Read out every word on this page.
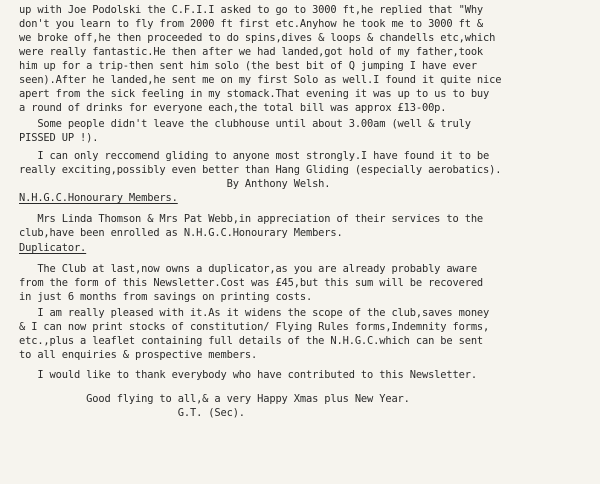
up with Joe Podolski the C.F.I.I asked to go to 3000 ft,he replied that "Why
don't you learn to fly from 2000 ft first etc.Anyhow he took me to 3000 ft &
we broke off,he then proceeded to do spins,dives & loops & chandells etc,which
were really fantastic.He then after we had landed,got hold of my father,took
him up for a trip-then sent him solo (the best bit of Q jumping I have ever
seen).After he landed,he sent me on my first Solo as well.I found it quite nice
apert from the sick feeling in my stomack.That evening it was up to us to buy
a round of drinks for everyone each,the total bill was approx £13-00p.
Some people didn't leave the clubhouse until about 3.00am (well & truly
PISSED UP !).
I can only reccomend gliding to anyone most strongly.I have found it to be
really exciting,possibly even better than Hang Gliding (especially aerobatics).
By Anthony Welsh.
N.H.G.C.Honourary Members.
Mrs Linda Thomson & Mrs Pat Webb,in appreciation of their services to the
club,have been enrolled as N.H.G.C.Honourary Members.
Duplicator.
The Club at last,now owns a duplicator,as you are already probably aware
from the form of this Newsletter.Cost was £45,but this sum will be recovered
in just 6 months from savings on printing costs.
I am really pleased with it.As it widens the scope of the club,saves money
& I can now print stocks of constitution/ Flying Rules forms,Indemnity forms,
etc.,plus a leaflet containing full details of the N.H.G.C.which can be sent
to all enquiries & prospective members.
I would like to thank everybody who have contributed to this Newsletter.
Good flying to all,& a very Happy Xmas plus New Year.
G.T. (Sec).
